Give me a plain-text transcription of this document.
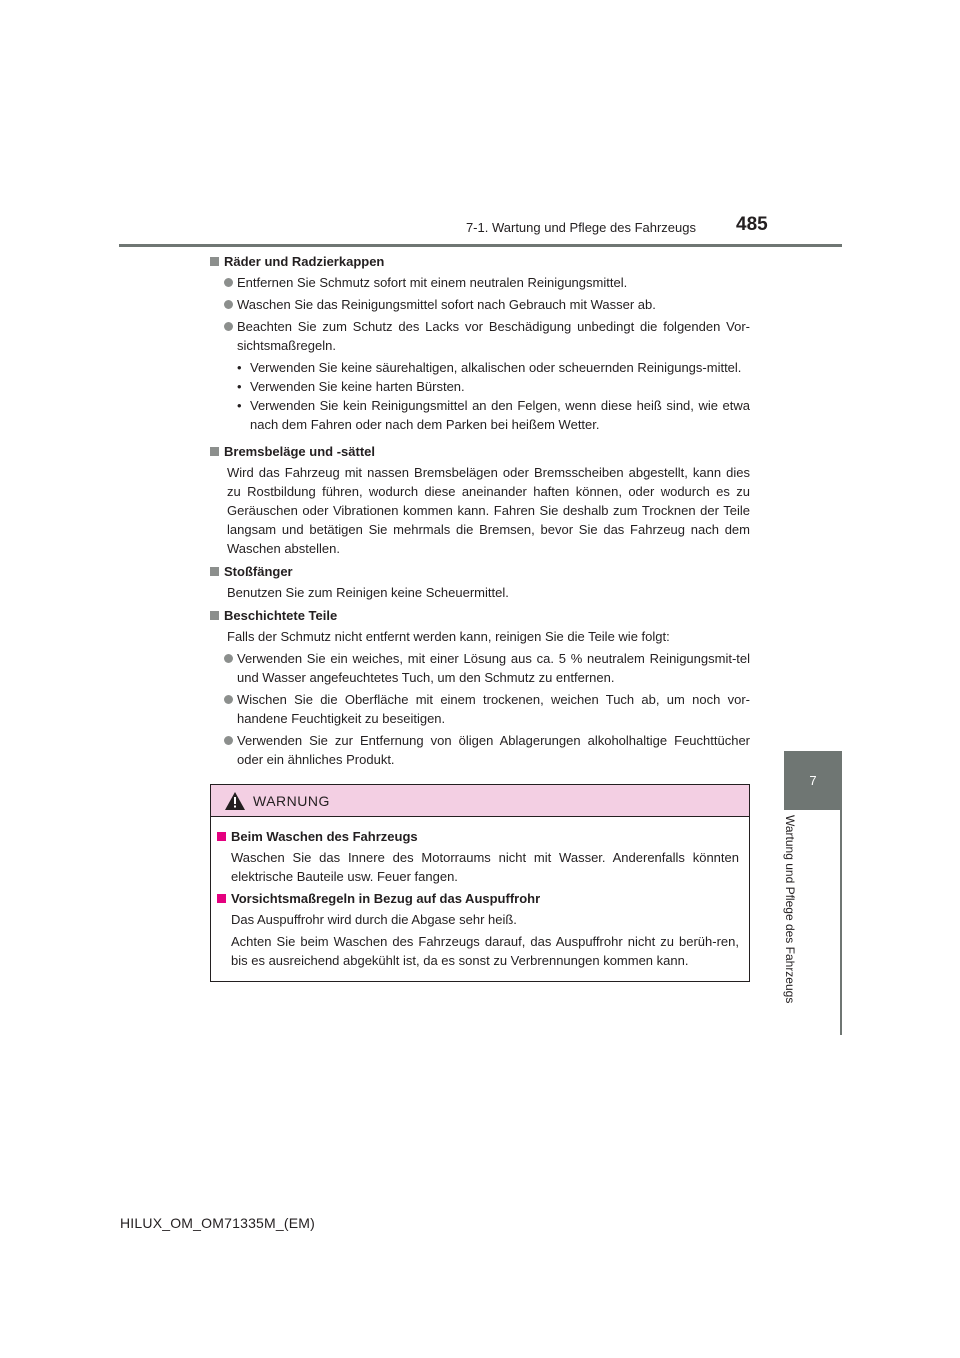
7-1. Wartung und Pflege des Fahrzeugs 485
7
Wartung und Pflege des Fahrzeugs
Räder und Radzierkappen
Entfernen Sie Schmutz sofort mit einem neutralen Reinigungsmittel.
Waschen Sie das Reinigungsmittel sofort nach Gebrauch mit Wasser ab.
Beachten Sie zum Schutz des Lacks vor Beschädigung unbedingt die folgenden Vor-sichtsmaßregeln.
• Verwenden Sie keine säurehaltigen, alkalischen oder scheuernden Reinigungs-mittel.
• Verwenden Sie keine harten Bürsten.
• Verwenden Sie kein Reinigungsmittel an den Felgen, wenn diese heiß sind, wie etwa nach dem Fahren oder nach dem Parken bei heißem Wetter.
Bremsbeläge und -sättel
Wird das Fahrzeug mit nassen Bremsbelägen oder Bremsscheiben abgestellt, kann dies zu Rostbildung führen, wodurch diese aneinander haften können, oder wodurch es zu Geräuschen oder Vibrationen kommen kann. Fahren Sie deshalb zum Trocknen der Teile langsam und betätigen Sie mehrmals die Bremsen, bevor Sie das Fahrzeug nach dem Waschen abstellen.
Stoßfänger
Benutzen Sie zum Reinigen keine Scheuermittel.
Beschichtete Teile
Falls der Schmutz nicht entfernt werden kann, reinigen Sie die Teile wie folgt:
Verwenden Sie ein weiches, mit einer Lösung aus ca. 5 % neutralem Reinigungsmit-tel und Wasser angefeuchtetes Tuch, um den Schmutz zu entfernen.
Wischen Sie die Oberfläche mit einem trockenen, weichen Tuch ab, um noch vor-handene Feuchtigkeit zu beseitigen.
Verwenden Sie zur Entfernung von öligen Ablagerungen alkoholhaltige Feuchttücher oder ein ähnliches Produkt.
WARNUNG
Beim Waschen des Fahrzeugs
Waschen Sie das Innere des Motorraums nicht mit Wasser. Anderenfalls könnten elektrische Bauteile usw. Feuer fangen.
Vorsichtsmaßregeln in Bezug auf das Auspuffrohr
Das Auspuffrohr wird durch die Abgase sehr heiß.
Achten Sie beim Waschen des Fahrzeugs darauf, das Auspuffrohr nicht zu berüh-ren, bis es ausreichend abgekühlt ist, da es sonst zu Verbrennungen kommen kann.
HILUX_OM_OM71335M_(EM)
